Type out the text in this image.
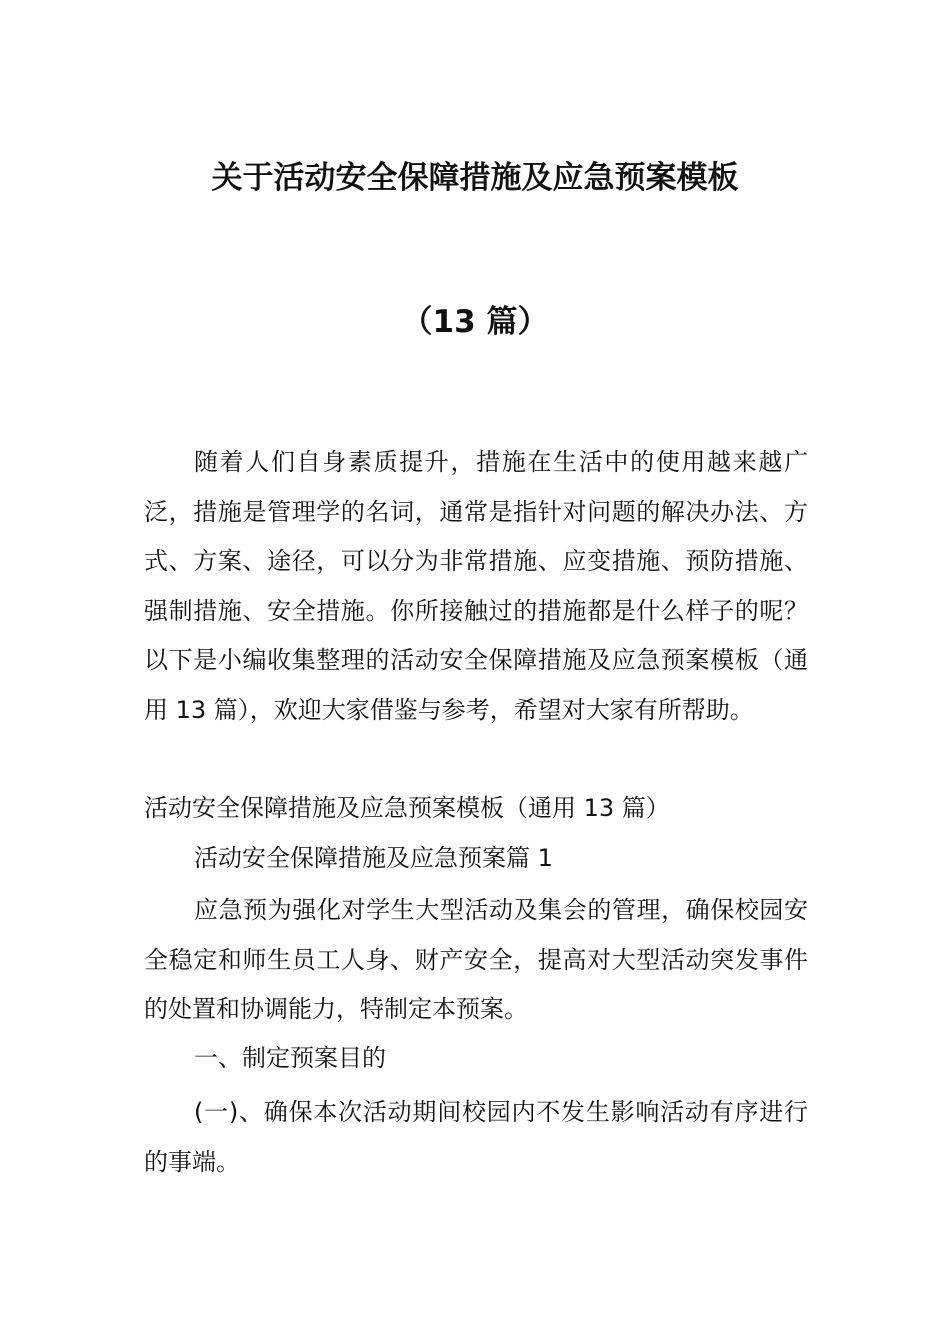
关于活动安全保障措施及应急预案模板
（13 篇）

随着人们自身素质提升，措施在生活中的使用越来越广泛，措施是管理学的名词，通常是指针对问题的解决办法、方式、方案、途径，可以分为非常措施、应变措施、预防措施、强制措施、安全措施。你所接触过的措施都是什么样子的呢？以下是小编收集整理的活动安全保障措施及应急预案模板（通用 13 篇），欢迎大家借鉴与参考，希望对大家有所帮助。

活动安全保障措施及应急预案模板（通用 13 篇）
活动安全保障措施及应急预案篇 1

应急预为强化对学生大型活动及集会的管理，确保校园安全稳定和师生员工人身、财产安全，提高对大型活动突发事件的处置和协调能力，特制定本预案。

一、制定预案目的

(一)、确保本次活动期间校园内不发生影响活动有序进行的事端。
